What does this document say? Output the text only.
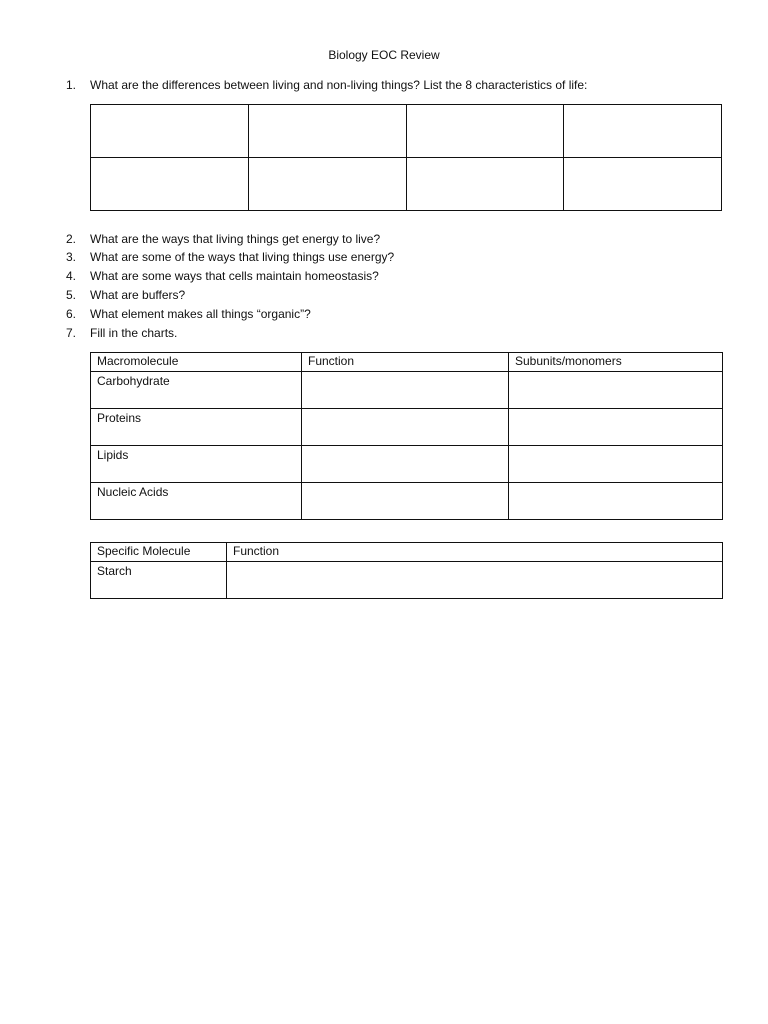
Biology EOC Review
1. What are the differences between living and non-living things? List the 8 characteristics of life:

2. What are the ways that living things get energy to live?
3. What are some of the ways that living things use energy?
4. What are some ways that cells maintain homeostasis?
5. What are buffers?
6. What element makes all things “organic”?
7. Fill in the charts.
Macromolecule	Function	Subunits/monomers
Carbohydrate		
Proteins		
Lipids		
Nucleic Acids		
Specific Molecule	Function
Starch	
